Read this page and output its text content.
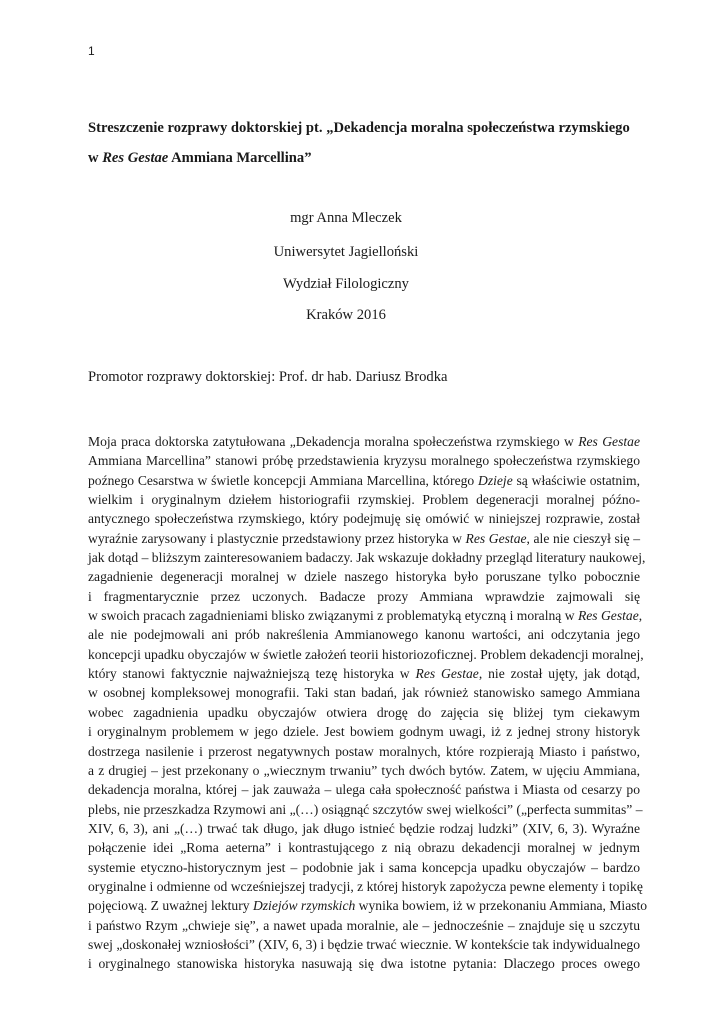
1
Streszczenie rozprawy doktorskiej pt. „Dekadencja moralna społeczeństwa rzymskiego
w Res Gestae Ammiana Marcellina”
mgr Anna Mleczek
Uniwersytet Jagielloński
Wydział Filologiczny
Kraków 2016
Promotor rozprawy doktorskiej: Prof. dr hab. Dariusz Brodka
Moja praca doktorska zatytułowana „Dekadencja moralna społeczeństwa rzymskiego w Res Gestae
Ammiana Marcellina” stanowi próbę przedstawienia kryzysu moralnego społeczeństwa rzymskiego
poźnego Cesarstwa w świetle koncepcji Ammiana Marcellina, którego Dzieje są właściwie ostatnim,
wielkim i oryginalnym dziełem historiografii rzymskiej. Problem degeneracji moralnej późno-
antycznego społeczeństwa rzymskiego, który podejmuję się omówić w niniejszej rozprawie, został
wyraźnie zarysowany i plastycznie przedstawiony przez historyka w Res Gestae, ale nie cieszył się –
jak dotąd – bliższym zainteresowaniem badaczy. Jak wskazuje dokładny przegląd literatury naukowej,
zagadnienie degeneracji moralnej w dziele naszego historyka było poruszane tylko pobocznie
i fragmentarycznie przez uczonych. Badacze prozy Ammiana wprawdzie zajmowali się
w swoich pracach zagadnieniami blisko związanymi z problematyką etyczną i moralną w Res Gestae,
ale nie podejmowali ani prób nakreślenia Ammianowego kanonu wartości, ani odczytania jego
koncepcji upadku obyczajów w świetle założeń teorii historiozoficznej. Problem dekadencji moralnej,
który stanowi faktycznie najważniejszą tezę historyka w Res Gestae, nie został ujęty, jak dotąd,
w osobnej kompleksowej monografii. Taki stan badań, jak również stanowisko samego Ammiana
wobec zagadnienia upadku obyczajów otwiera drogę do zajęcia się bliżej tym ciekawym
i oryginalnym problemem w jego dziele. Jest bowiem godnym uwagi, iż z jednej strony historyk
dostrzega nasilenie i przerost negatywnych postaw moralnych, które rozpierają Miasto i państwo,
a z drugiej – jest przekonany o „wiecznym trwaniu” tych dwóch bytów. Zatem, w ujęciu Ammiana,
dekadencja moralna, której – jak zauważa – ulega cała społeczność państwa i Miasta od cesarzy po
plebs, nie przeszkadza Rzymowi ani „(…) osiągnąć szczytów swej wielkości” („perfecta summitas” –
XIV, 6, 3), ani „(…) trwać tak długo, jak długo istnieć będzie rodzaj ludzki” (XIV, 6, 3). Wyraźne
połączenie idei „Roma aeterna” i kontrastującego z nią obrazu dekadencji moralnej w jednym
systemie etyczno-historycznym jest – podobnie jak i sama koncepcja upadku obyczajów – bardzo
oryginalne i odmienne od wcześniejszej tradycji, z której historyk zapożycza pewne elementy i topikę
pojęciową. Z uważnej lektury Dziejów rzymskich wynika bowiem, iż w przekonaniu Ammiana, Miasto
i państwo Rzym „chwieje się”, a nawet upada moralnie, ale – jednocześnie – znajduje się u szczytu
swej „doskonałej wzniosłości” (XIV, 6, 3) i będzie trwać wiecznie. W kontekście tak indywidualnego
i oryginalnego stanowiska historyka nasuwają się dwa istotne pytania: Dlaczego proces owego
